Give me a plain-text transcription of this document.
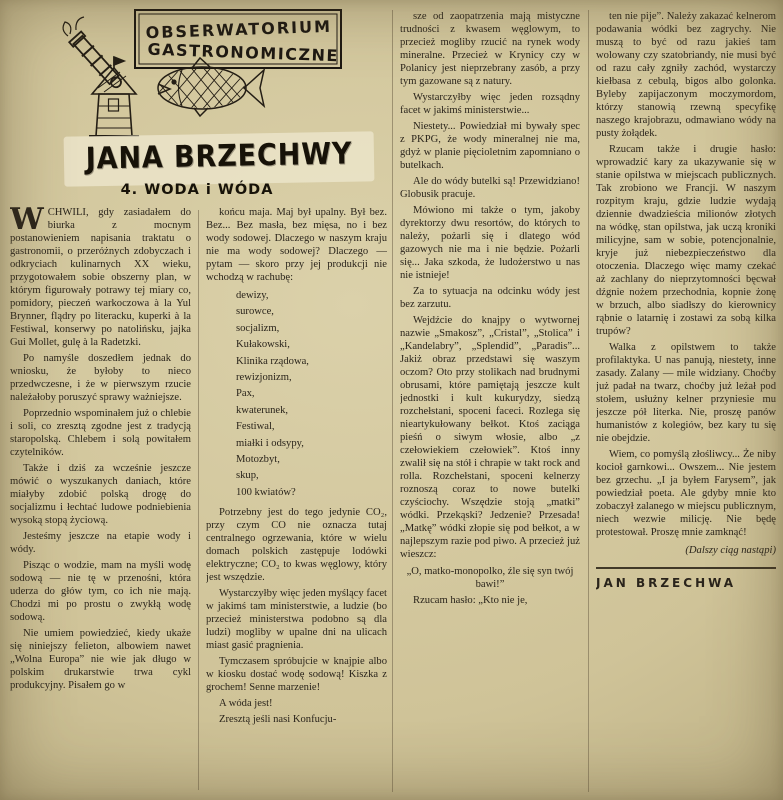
OBSERWATORIUM
GASTRONOMICZNE
JANA BRZECHWY
4. WODA i WÓDA

WCHWILI, gdy zasiadałem do biurka z mocnym postanowieniem napisania traktatu o gastronomii, o przeróżnych zdobyczach i odkryciach kulinarnych XX wieku, przygotowałem sobie obszerny plan, w którym figurowały potrawy tej miary co, pomidory, pieczeń warkoczowa à la Yul Brynner, flądry po literacku, kuperki à la Festiwal, konserwy po natolińsku, jajka Gui Mollet, gulę à la Radetzki.

Po namyśle doszedłem jednak do wniosku, że byłoby to nieco przedwczesne, i że w pierwszym rzucie należałoby poruszyć sprawy ważniejsze.

Poprzednio wspominałem już o chlebie i soli, co zresztą zgodne jest z tradycją staropolską. Chlebem i solą powitałem czytelników.

Także i dziś za wcześnie jeszcze mówić o wyszukanych daniach, które miałyby zdobić polską drogę do socjalizmu i łechtać ludowe podniebienia wysoką stopą życiową.

Jesteśmy jeszcze na etapie wody i wódy.

Pisząc o wodzie, mam na myśli wodę sodową — nie tę w przenośni, która uderza do głów tym, co ich nie mają. Chodzi mi po prostu o zwykłą wodę sodową.

Nie umiem powiedzieć, kiedy ukaże się niniejszy felieton, albowiem nawet „Wolna Europa” nie wie jak długo w polskim drukarstwie trwa cykl produkcyjny. Pisałem go w

końcu maja. Maj był upalny. Był bez. Bez... Bez masła, bez mięsa, no i bez wody sodowej. Dlaczego w naszym kraju nie ma wody sodowej? Dlaczego — pytam — skoro przy jej produkcji nie wchodzą w rachubę:

dewizy,

surowce,

socjalizm,

Kułakowski,

Klinika rządowa,

rewizjonizm,

Pax,

kwaterunek,

Festiwal,

miałki i odsypy,

Motozbyt,

skup,

100 kwiatów?

Potrzebny jest do tego jedynie CO₂, przy czym CO nie oznacza tutaj centralnego ogrzewania, które w wielu domach polskich zastępuje lodówki elektryczne; CO₂ to kwas węglowy, który jest wszędzie.

Wystarczyłby więc jeden myślący facet w jakimś tam ministerstwie, a ludzie (bo przecież ministerstwa podobno są dla ludzi) mogliby w upalne dni na ulicach miast gasić pragnienia.

Tymczasem spróbujcie w knajpie albo w kiosku dostać wodę sodową! Kiszka z grochem! Senne marzenie!

A wóda jest!

Zresztą jeśli nasi Konfucju-

sze od zaopatrzenia mają mistyczne trudności z kwasem węglowym, to przecież mogliby rzucić na rynek wody mineralne. Przecież w Krynicy czy w Polanicy jest nieprzebrany zasób, a przy tym gazowane są z natury.

Wystarczyłby więc jeden rozsądny facet w jakimś ministerstwie...

Niestety... Powiedział mi bywały spec z PKPG, że wody mineralnej nie ma, gdyż w planie pięcioletnim zapomniano o butelkach.

Ale do wódy butelki są! Przewidziano! Globusik pracuje.

Mówiono mi także o tym, jakoby dyrektorzy dwu resortów, do których to należy, pożarli się i dlatego wód gazowych nie ma i nie będzie. Pożarli się... Jaka szkoda, że ludożerstwo u nas nie istnieje!

Za to sytuacja na odcinku wódy jest bez zarzutu.

Wejdźcie do knajpy o wytwornej nazwie „Smakosz”, „Cristal”, „Stolica” i „Kandelabry”, „Splendid”, „Paradis”... Jakiż obraz przedstawi się waszym oczom? Oto przy stolikach nad brudnymi obrusami, które pamiętają jeszcze kult jednostki i kult kukurydzy, siedzą rozchełstani, spoceni faceci. Rozlega się nieartykułowany bełkot. Ktoś zaciąga pieśń o siwym włosie, albo „z czełowiekiem czełowiek”. Ktoś inny zwalił się na stół i chrapie w takt rock and rolla. Rozchełstani, spoceni kelnerzy roznoszą coraz to nowe butelki czyściochy. Wszędzie stoją „matki” wódki. Przekąski? Jedzenie? Przesada! „Matkę” wódki złopie się pod bełkot, a w najlepszym razie pod piwo. A przecież już wieszcz:

„O, matko-monopolko, źle się syn twój bawi!”

Rzucam hasło: „Kto nie je,

ten nie pije”. Należy zakazać kelnerom podawania wódki bez zagrychy. Nie muszą to być od razu jakieś tam wolowany czy szatobriandy, nie musi być od razu cały zgniły zachód, wystarczy kiełbasa z cebulą, bigos albo golonka. Byleby zapijaczonym moczymordom, którzy stanowią rzewną specyfikę naszego krajobrazu, odmawiano wódy na pusty żołądek.

Rzucam także i drugie hasło: wprowadzić kary za ukazywanie się w stanie opilstwa w miejscach publicznych. Tak zrobiono we Francji. W naszym rozpitym kraju, gdzie ludzie wydają dziennie dwadzieścia milionów złotych na wódkę, stan opilstwa, jak uczą kroniki milicyjne, sam w sobie, potencjonalnie, kryje już niebezpieczeństwo dla otoczenia. Dlaczego więc mamy czekać aż zachlany do nieprzytomności bęcwał dźgnie nożem przechodnia, kopnie żonę w brzuch, albo siadłszy do kierownicy rąbnie o latarnię i zostawi za sobą kilka trupów?

Walka z opilstwem to także profilaktyka. U nas panują, niestety, inne zasady. Zalany — mile widziany. Choćby już padał na twarz, choćby już leżał pod stołem, usłużny kelner przyniesie mu jeszcze pół literka. Nie, proszę panów humanistów z kolegiów, bez kary tu się nie obejdzie.

Wiem, co pomyślą złośliwcy... Że niby kocioł garnkowi... Owszem... Nie jestem bez grzechu. „I ja byłem Farysem”, jak powiedział poeta. Ale gdyby mnie kto zobaczył zalanego w miejscu publicznym, niech wezwie milicję. Nie będę protestował. Proszę mnie zamknąć!

(Dalszy ciąg nastąpi)

JAN BRZECHWA
